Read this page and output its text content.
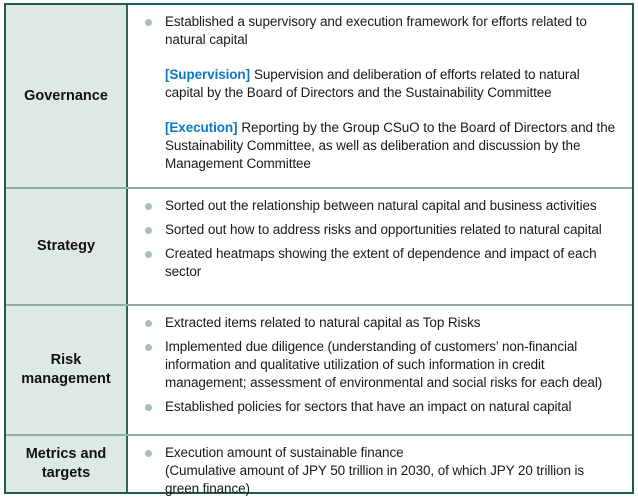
Governance
Established a supervisory and execution framework for efforts related to natural capital
[Supervision] Supervision and deliberation of efforts related to natural capital by the Board of Directors and the Sustainability Committee
[Execution] Reporting by the Group CSuO to the Board of Directors and the Sustainability Committee, as well as deliberation and discussion by the Management Committee
Strategy
Sorted out the relationship between natural capital and business activities
Sorted out how to address risks and opportunities related to natural capital
Created heatmaps showing the extent of dependence and impact of each sector
Risk management
Extracted items related to natural capital as Top Risks
Implemented due diligence (understanding of customers’ non-financial information and qualitative utilization of such information in credit management; assessment of environmental and social risks for each deal)
Established policies for sectors that have an impact on natural capital
Metrics and targets
Execution amount of sustainable finance
(Cumulative amount of JPY 50 trillion in 2030, of which JPY 20 trillion is green finance)
